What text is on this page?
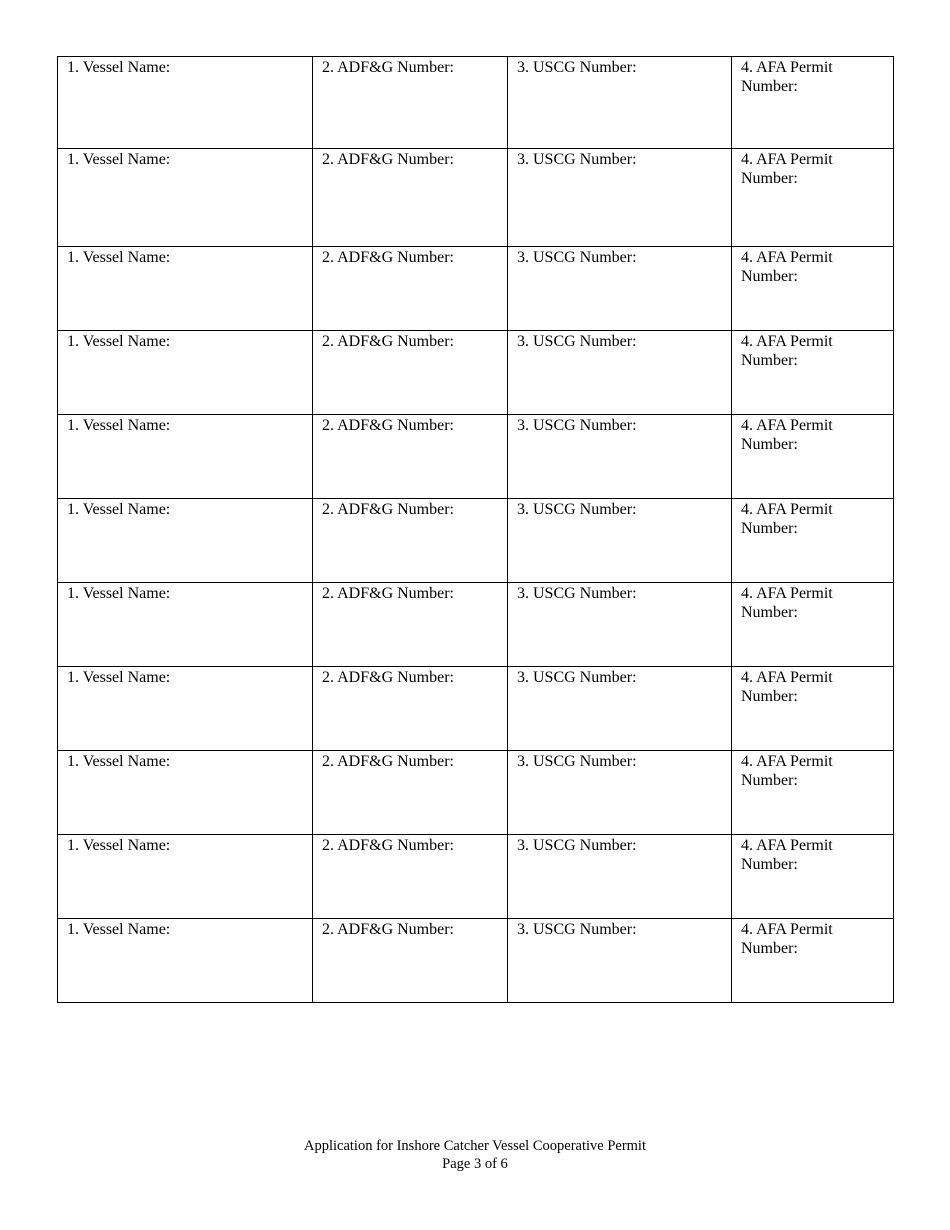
1. Vessel Name:	2. ADF&G Number:	3. USCG Number:	4. AFA Permit Number:
1. Vessel Name:	2. ADF&G Number:	3. USCG Number:	4. AFA Permit Number:
1. Vessel Name:	2. ADF&G Number:	3. USCG Number:	4. AFA Permit Number:
1. Vessel Name:	2. ADF&G Number:	3. USCG Number:	4. AFA Permit Number:
1. Vessel Name:	2. ADF&G Number:	3. USCG Number:	4. AFA Permit Number:
1. Vessel Name:	2. ADF&G Number:	3. USCG Number:	4. AFA Permit Number:
1. Vessel Name:	2. ADF&G Number:	3. USCG Number:	4. AFA Permit Number:
1. Vessel Name:	2. ADF&G Number:	3. USCG Number:	4. AFA Permit Number:
1. Vessel Name:	2. ADF&G Number:	3. USCG Number:	4. AFA Permit Number:
1. Vessel Name:	2. ADF&G Number:	3. USCG Number:	4. AFA Permit Number:
1. Vessel Name:	2. ADF&G Number:	3. USCG Number:	4. AFA Permit Number:
Application for Inshore Catcher Vessel Cooperative Permit
Page 3 of 6
